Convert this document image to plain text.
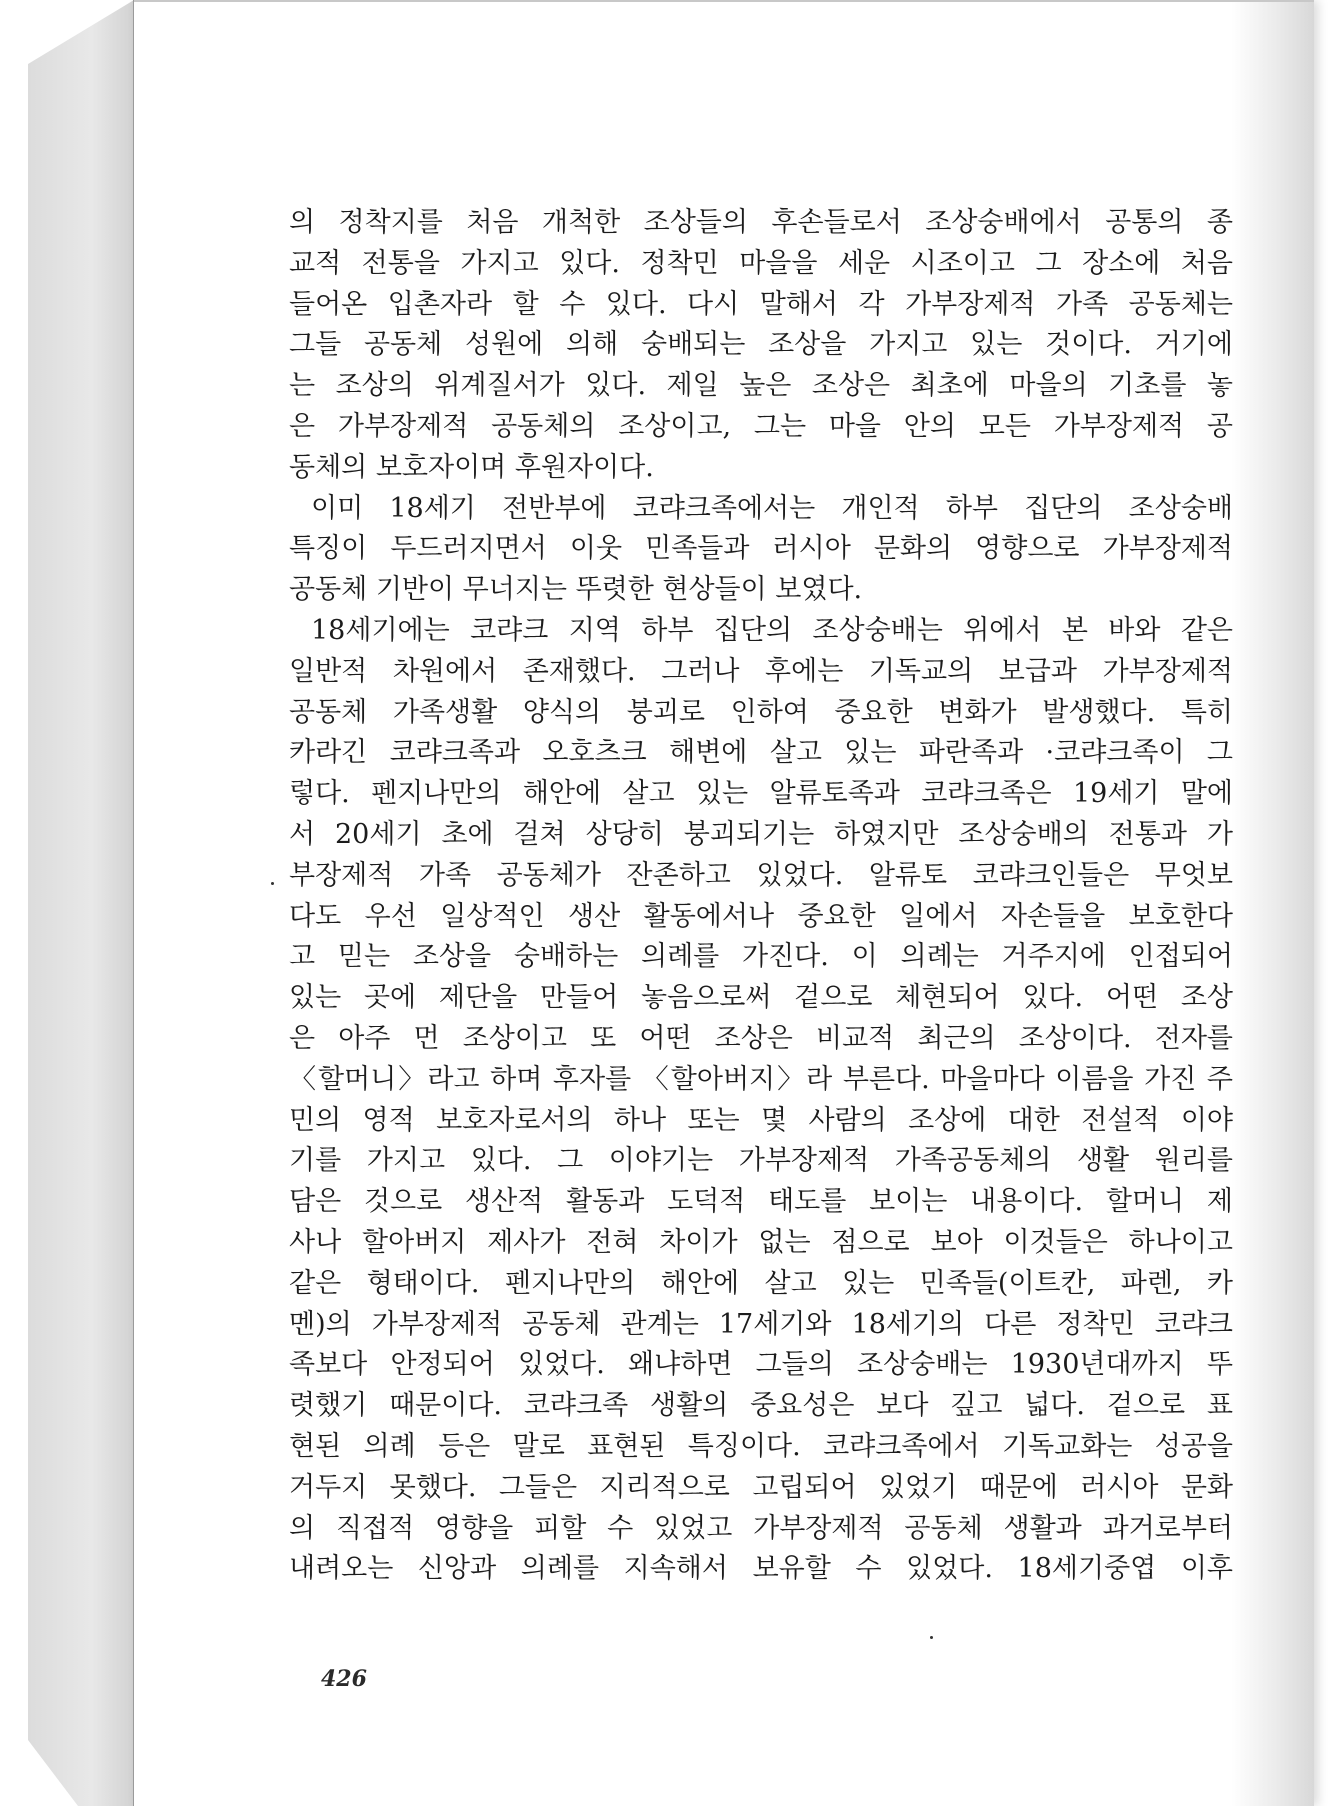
의 정착지를 처음 개척한 조상들의 후손들로서 조상숭배에서 공통의 종
교적 전통을 가지고 있다. 정착민 마을을 세운 시조이고 그 장소에 처음
들어온 입촌자라 할 수 있다. 다시 말해서 각 가부장제적 가족 공동체는
그들 공동체 성원에 의해 숭배되는 조상을 가지고 있는 것이다. 거기에
는 조상의 위계질서가 있다. 제일 높은 조상은 최초에 마을의 기초를 놓
은 가부장제적 공동체의 조상이고, 그는 마을 안의 모든 가부장제적 공
동체의 보호자이며 후원자이다.
이미 18세기 전반부에 코랴크족에서는 개인적 하부 집단의 조상숭배
특징이 두드러지면서 이웃 민족들과 러시아 문화의 영향으로 가부장제적
공동체 기반이 무너지는 뚜렷한 현상들이 보였다.
18세기에는 코랴크 지역 하부 집단의 조상숭배는 위에서 본 바와 같은
일반적 차원에서 존재했다. 그러나 후에는 기독교의 보급과 가부장제적
공동체 가족생활 양식의 붕괴로 인하여 중요한 변화가 발생했다. 특히
카라긴 코랴크족과 오호츠크 해변에 살고 있는 파란족과 ·코랴크족이 그
렇다. 펜지나만의 해안에 살고 있는 알류토족과 코랴크족은 19세기 말에
서 20세기 초에 걸쳐 상당히 붕괴되기는 하였지만 조상숭배의 전통과 가
부장제적 가족 공동체가 잔존하고 있었다. 알류토 코랴크인들은 무엇보
다도 우선 일상적인 생산 활동에서나 중요한 일에서 자손들을 보호한다
고 믿는 조상을 숭배하는 의례를 가진다. 이 의례는 거주지에 인접되어
있는 곳에 제단을 만들어 놓음으로써 겉으로 체현되어 있다. 어떤 조상
은 아주 먼 조상이고 또 어떤 조상은 비교적 최근의 조상이다. 전자를
〈할머니〉라고 하며 후자를 〈할아버지〉라 부른다. 마을마다 이름을 가진 주
민의 영적 보호자로서의 하나 또는 몇 사람의 조상에 대한 전설적 이야
기를 가지고 있다. 그 이야기는 가부장제적 가족공동체의 생활 원리를
담은 것으로 생산적 활동과 도덕적 태도를 보이는 내용이다. 할머니 제
사나 할아버지 제사가 전혀 차이가 없는 점으로 보아 이것들은 하나이고
같은 형태이다. 펜지나만의 해안에 살고 있는 민족들(이트칸, 파렌, 카
멘)의 가부장제적 공동체 관계는 17세기와 18세기의 다른 정착민 코랴크
족보다 안정되어 있었다. 왜냐하면 그들의 조상숭배는 1930년대까지 뚜
렷했기 때문이다. 코랴크족 생활의 중요성은 보다 깊고 넓다. 겉으로 표
현된 의례 등은 말로 표현된 특징이다. 코랴크족에서 기독교화는 성공을
거두지 못했다. 그들은 지리적으로 고립되어 있었기 때문에 러시아 문화
의 직접적 영향을 피할 수 있었고 가부장제적 공동체 생활과 과거로부터
내려오는 신앙과 의례를 지속해서 보유할 수 있었다. 18세기중엽 이후
426
